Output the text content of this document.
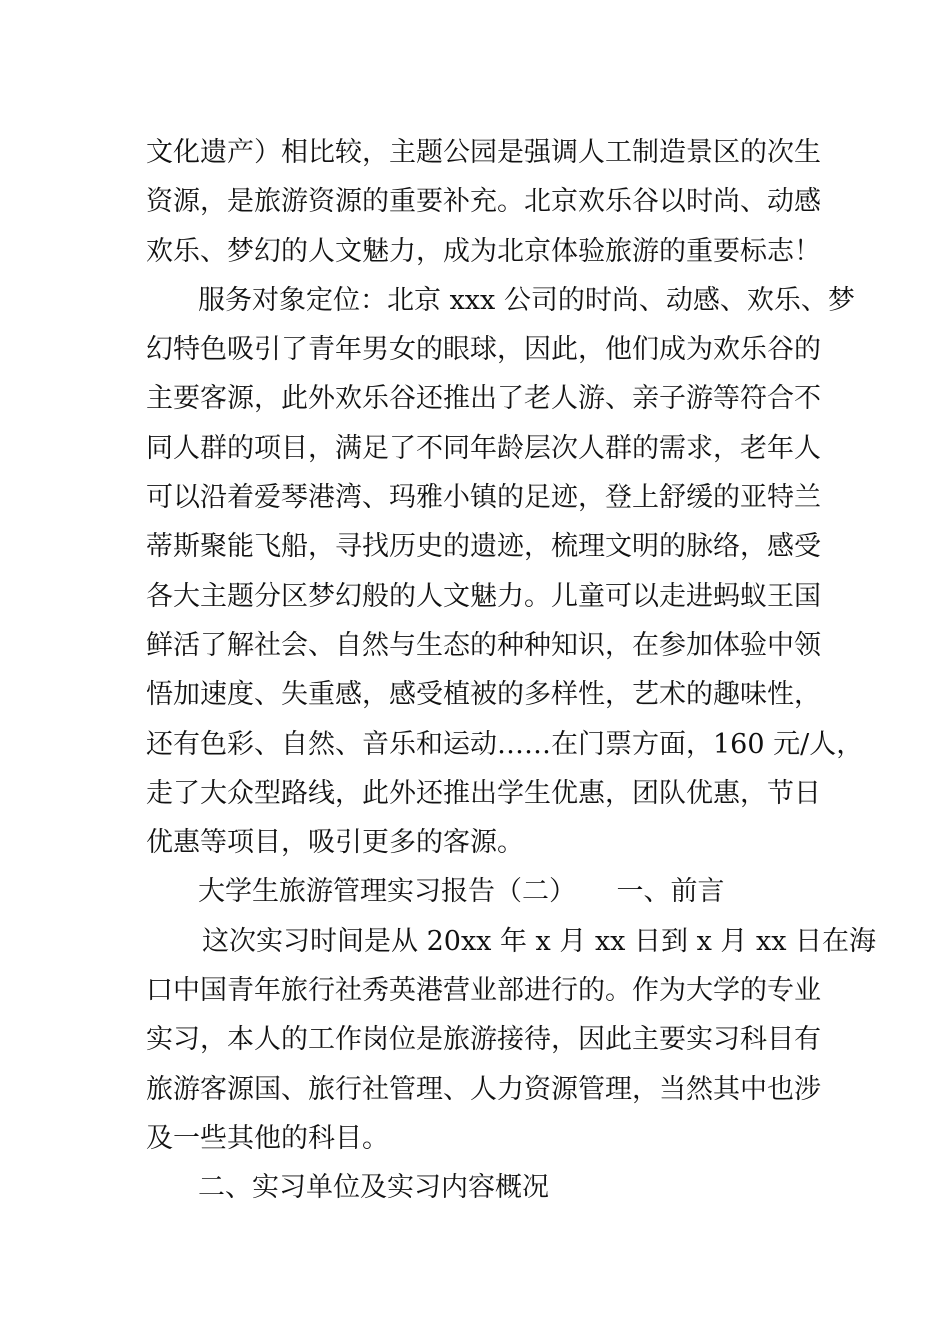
文化遗产）相比较，主题公园是强调人工制造景区的次生
资源，是旅游资源的重要补充。北京欢乐谷以时尚、动感
欢乐、梦幻的人文魅力，成为北京体验旅游的重要标志！
服务对象定位：北京 xxx 公司的时尚、动感、欢乐、梦
幻特色吸引了青年男女的眼球，因此，他们成为欢乐谷的
主要客源，此外欢乐谷还推出了老人游、亲子游等符合不
同人群的项目，满足了不同年龄层次人群的需求，老年人
可以沿着爱琴港湾、玛雅小镇的足迹，登上舒缓的亚特兰
蒂斯聚能飞船，寻找历史的遗迹，梳理文明的脉络，感受
各大主题分区梦幻般的人文魅力。儿童可以走进蚂蚁王国
鲜活了解社会、自然与生态的种种知识，在参加体验中领
悟加速度、失重感，感受植被的多样性，艺术的趣味性，
还有色彩、自然、音乐和运动……在门票方面，160 元/人，
走了大众型路线，此外还推出学生优惠，团队优惠，节日
优惠等项目，吸引更多的客源。
大学生旅游管理实习报告（二）　　一、前言
这次实习时间是从 20xx 年 x 月 xx 日到 x 月 xx 日在海
口中国青年旅行社秀英港营业部进行的。作为大学的专业
实习，本人的工作岗位是旅游接待，因此主要实习科目有
旅游客源国、旅行社管理、人力资源管理，当然其中也涉
及一些其他的科目。
二、实习单位及实习内容概况
